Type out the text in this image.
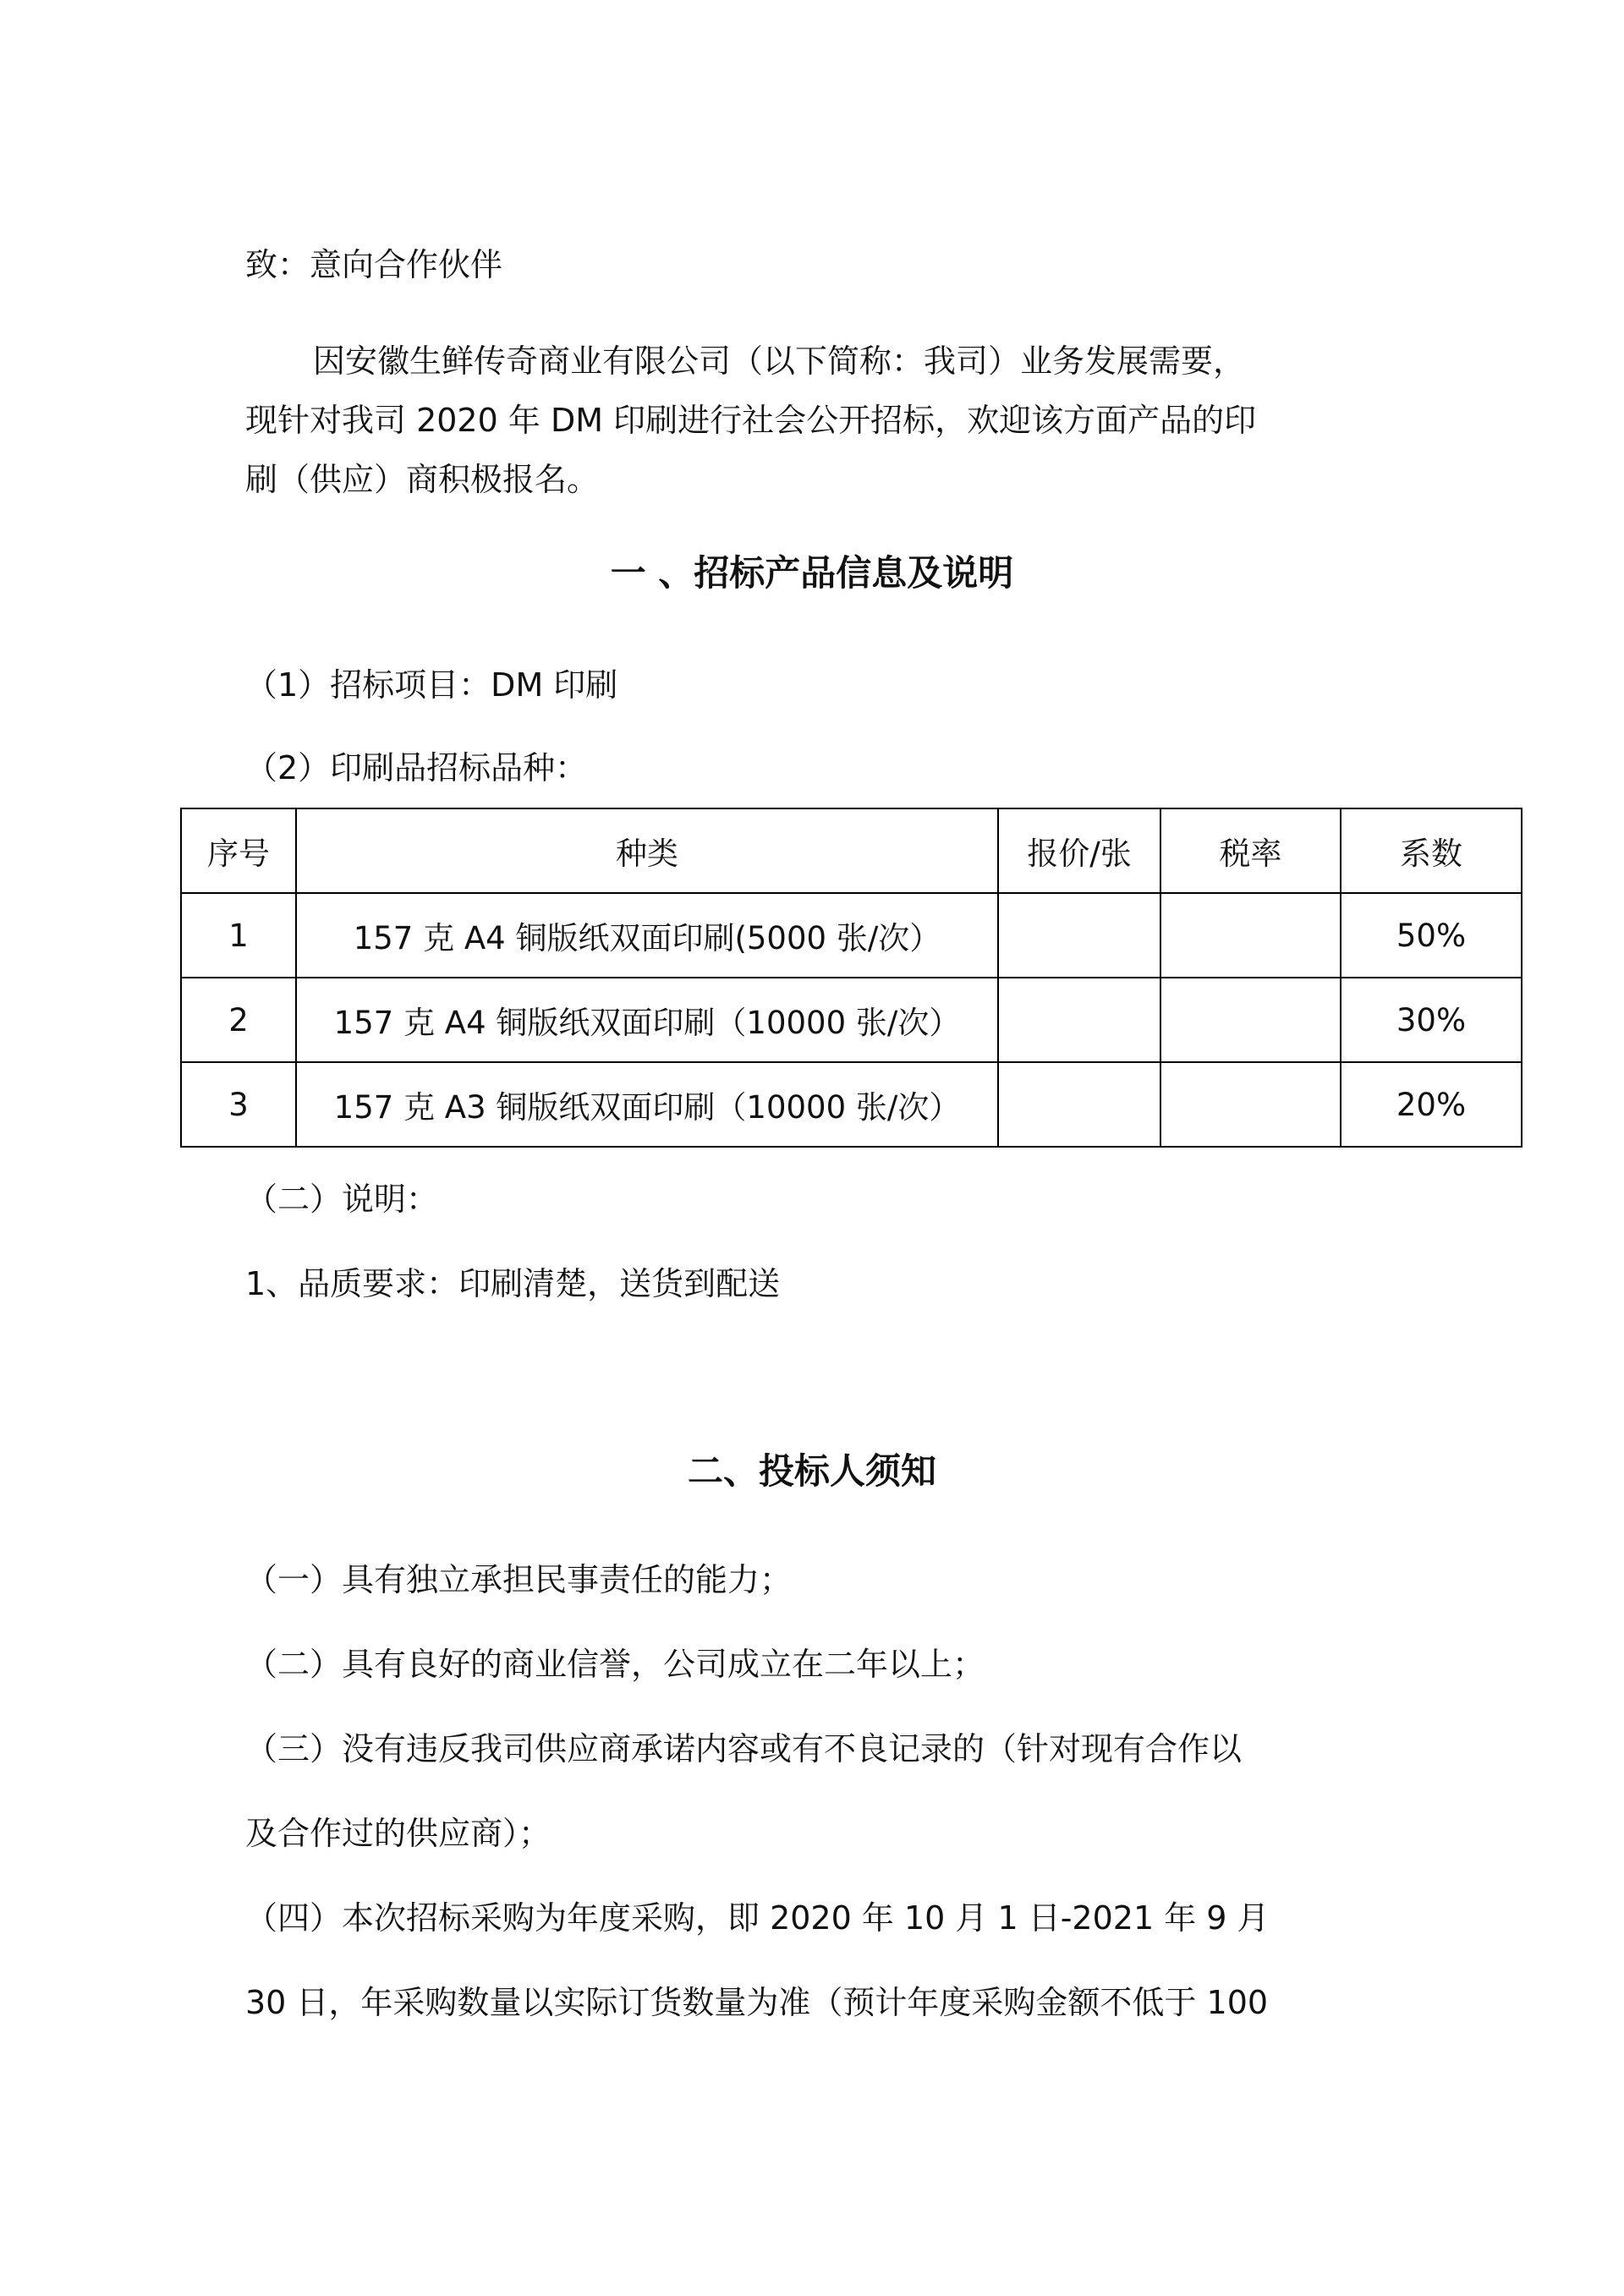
致：意向合作伙伴
因安徽生鲜传奇商业有限公司（以下简称：我司）业务发展需要，
现针对我司 2020 年 DM 印刷进行社会公开招标，欢迎该方面产品的印
刷（供应）商积极报名。
一 、招标产品信息及说明
（1）招标项目：DM 印刷
（2）印刷品招标品种：
序号	种类	报价/张	税率	系数
1	157 克 A4 铜版纸双面印刷(5000 张/次）			50%
2	157 克 A4 铜版纸双面印刷（10000 张/次）			30%
3	157 克 A3 铜版纸双面印刷（10000 张/次）			20%
（二）说明：
1、品质要求：印刷清楚，送货到配送
二、投标人须知
（一）具有独立承担民事责任的能力；
（二）具有良好的商业信誉，公司成立在二年以上；
（三）没有违反我司供应商承诺内容或有不良记录的（针对现有合作以
及合作过的供应商）；
（四）本次招标采购为年度采购，即 2020 年 10 月 1 日-2021 年 9 月
30 日，年采购数量以实际订货数量为准（预计年度采购金额不低于 100
